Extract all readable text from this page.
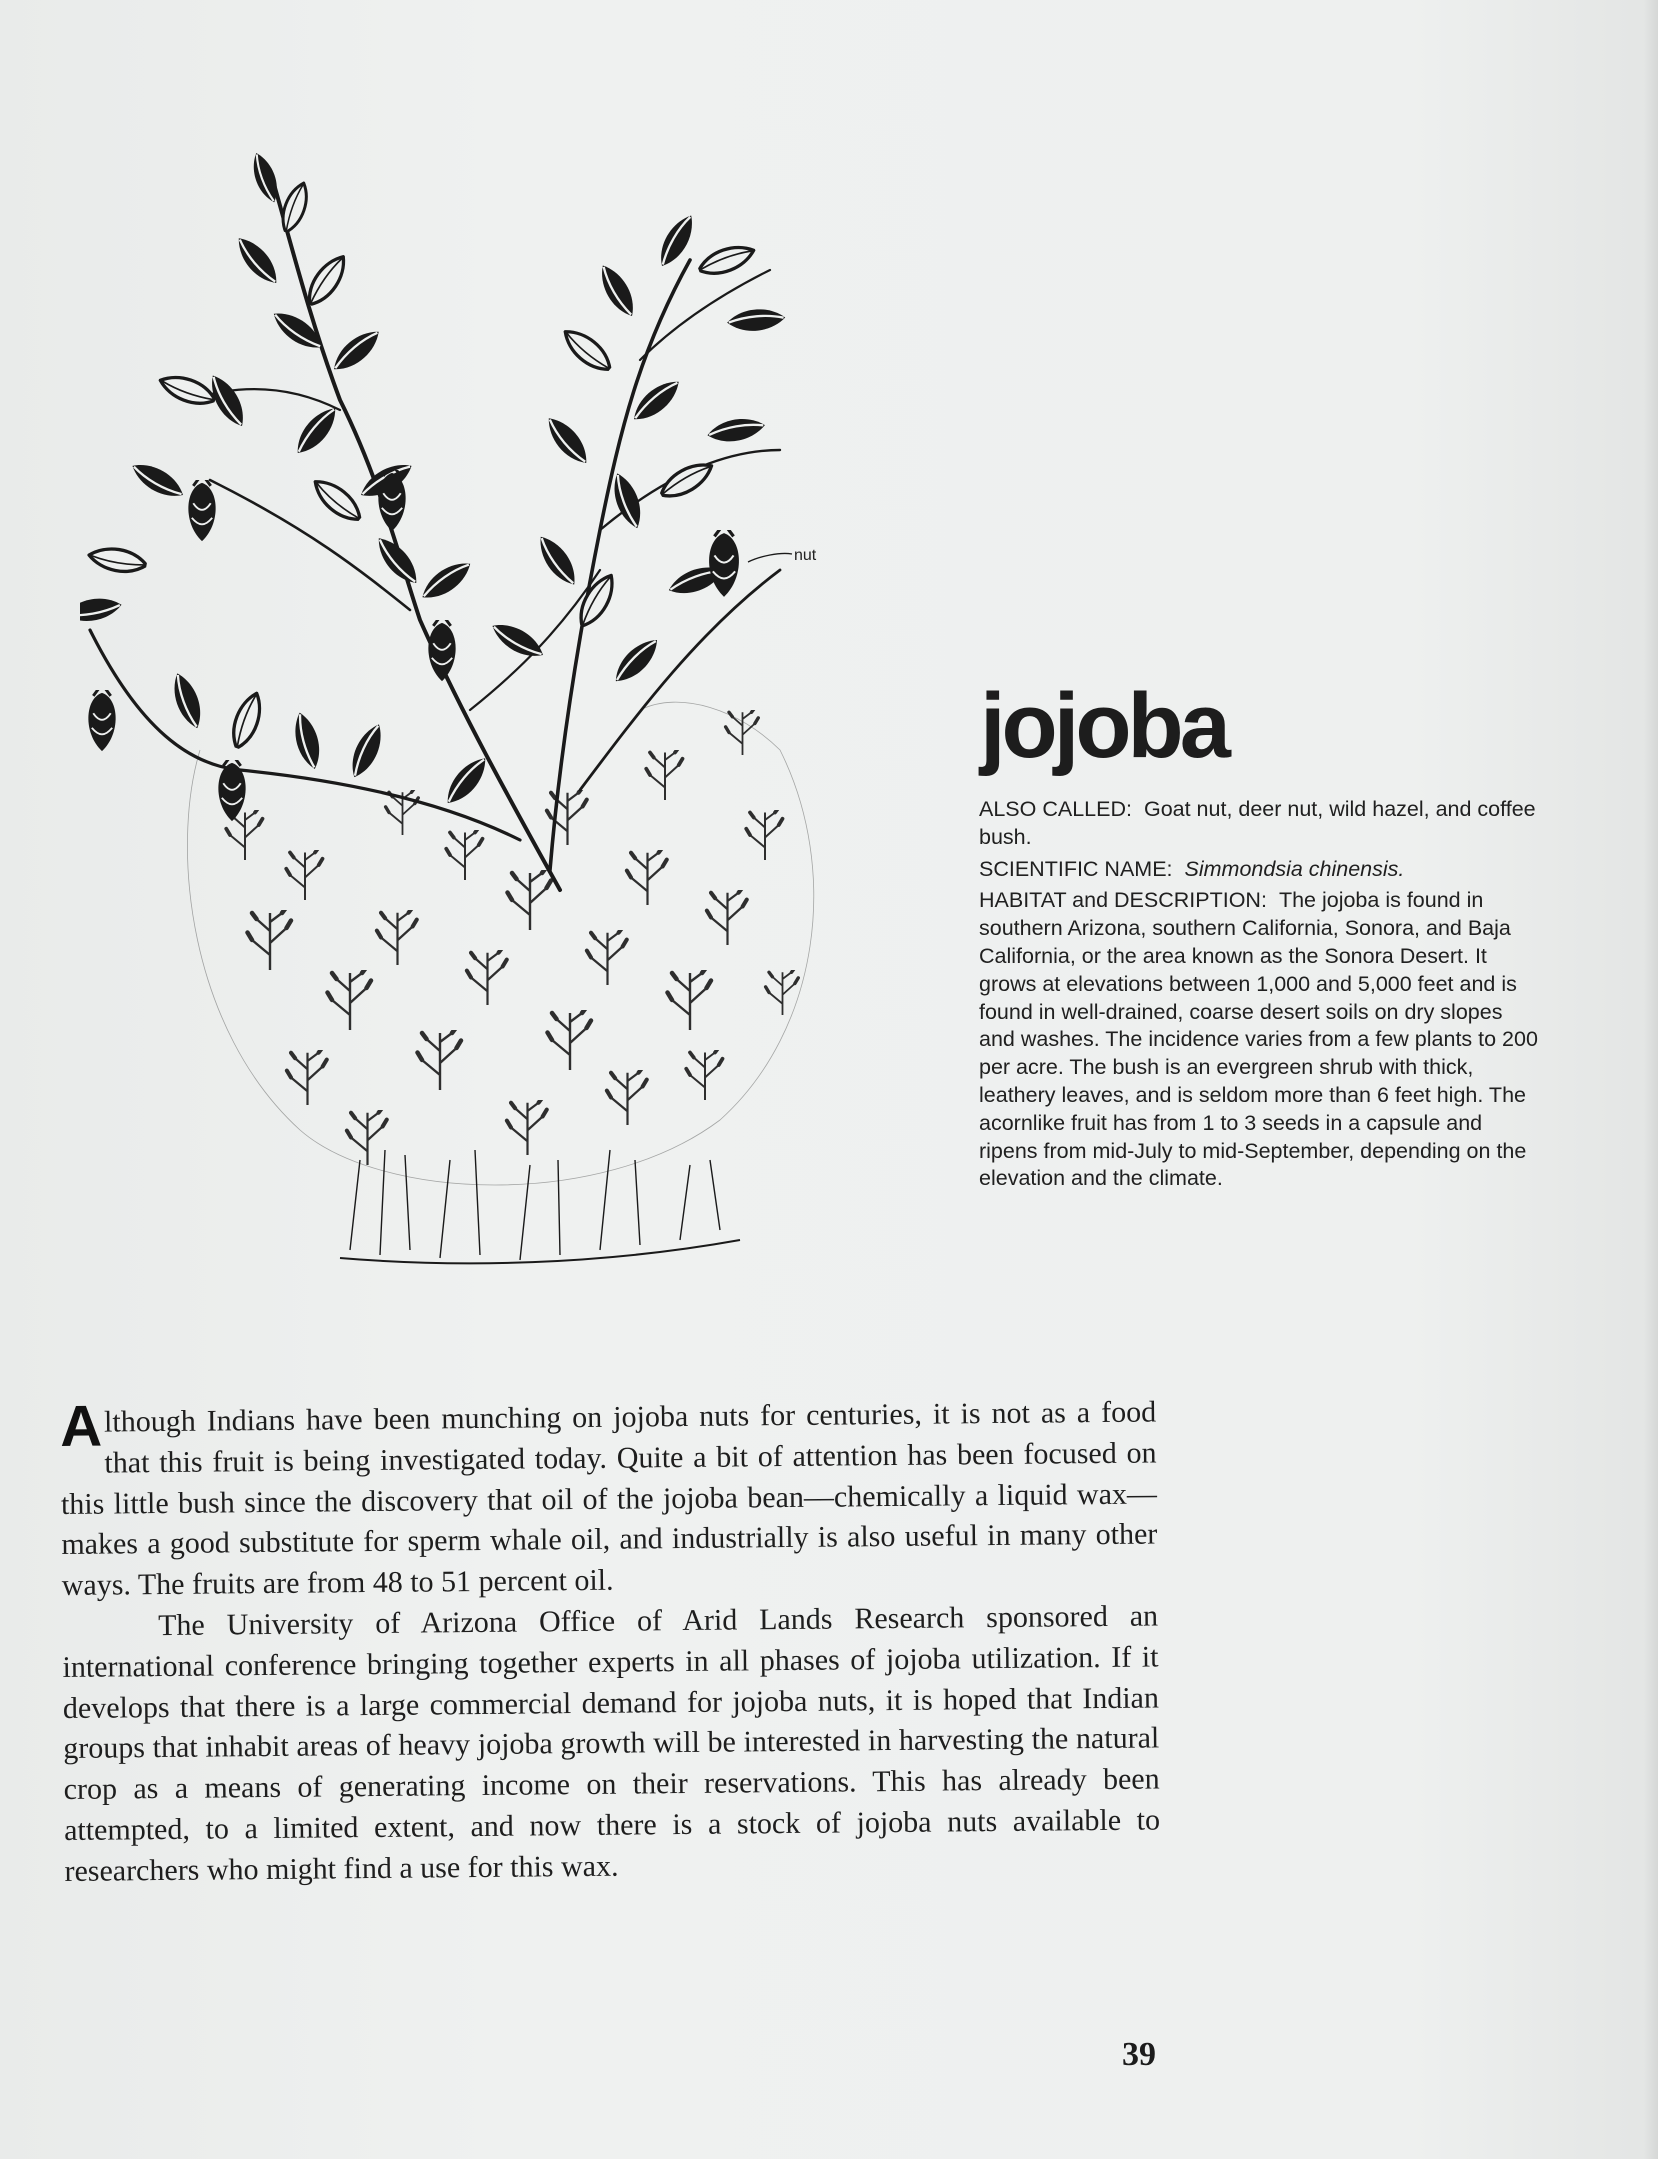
nut
jojoba

ALSO CALLED: Goat nut, deer nut, wild hazel, and coffee bush.

SCIENTIFIC NAME: Simmondsia chinensis.

HABITAT and DESCRIPTION: The jojoba is found in southern Arizona, southern California, Sonora, and Baja California, or the area known as the Sonora Desert. It grows at elevations between 1,000 and 5,000 feet and is found in well-drained, coarse desert soils on dry slopes and washes. The incidence varies from a few plants to 200 per acre. The bush is an evergreen shrub with thick, leathery leaves, and is seldom more than 6 feet high. The acornlike fruit has from 1 to 3 seeds in a capsule and ripens from mid-July to mid-September, depending on the elevation and the climate.

Although Indians have been munching on jojoba nuts for centuries, it is not as a food that this fruit is being investigated today. Quite a bit of attention has been focused on this little bush since the discovery that oil of the jojoba bean—chemically a liquid wax—makes a good substitute for sperm whale oil, and industrially is also useful in many other ways. The fruits are from 48 to 51 percent oil.

The University of Arizona Office of Arid Lands Research sponsored an international conference bringing together experts in all phases of jojoba utilization. If it develops that there is a large commercial demand for jojoba nuts, it is hoped that Indian groups that inhabit areas of heavy jojoba growth will be interested in harvesting the natural crop as a means of generating income on their reservations. This has already been attempted, to a limited extent, and now there is a stock of jojoba nuts available to researchers who might find a use for this wax.

39
